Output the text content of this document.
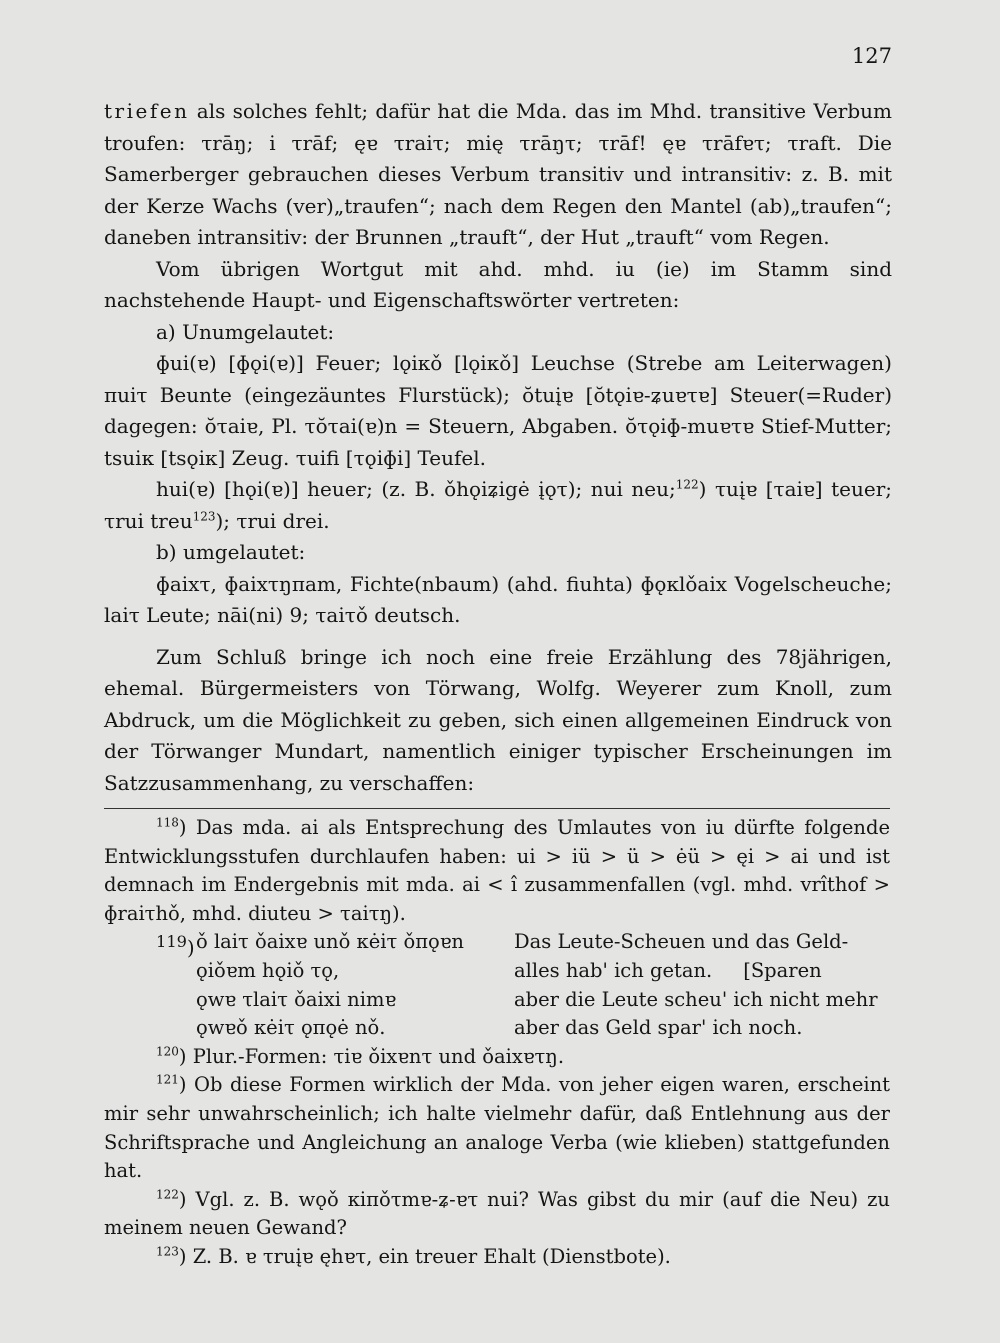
127

triefen als solches fehlt; dafür hat die Mda. das im Mhd. transitive Verbum troufen: τrāŋ; i τrāf; ęɐ τraiτ; mię τrāŋτ; τrāf! ęɐ τrāfɐτ; τraft. Die Samerberger gebrauchen dieses Verbum transitiv und intransitiv: z. B. mit der Kerze Wachs (ver)„traufen“; nach dem Regen den Mantel (ab)„traufen“; daneben intransitiv: der Brunnen „trauft“, der Hut „trauft“ vom Regen.

Vom übrigen Wortgut mit ahd. mhd. iu (ie) im Stamm sind nachstehende Haupt- und Eigenschaftswörter vertreten:

a) Unumgelautet:

ɸui(ɐ) [ɸǫi(ɐ)] Feuer; lǫiκǒ [lǫiκǒ] Leuchse (Strebe am Leiterwagen) πuiτ Beunte (eingezäuntes Flurstück); ŏtuįɐ [ŏtǫiɐ-ʑuɐτɐ] Steuer(=Ruder) dagegen: ŏτaiɐ, Pl. τŏτai(ɐ)n = Steuern, Abgaben. ŏτǫiɸ-muɐτɐ Stief-Mutter; tsuiκ [tsǫiκ] Zeug. τuifi [τǫiɸi] Teufel.

hui(ɐ) [hǫi(ɐ)] heuer; (z. B. ǒhǫiʑigė įǫτ); nui neu;$^{122}$) τuįɐ [τaiɐ] teuer; τrui treu$^{123}$); τrui drei.

b) umgelautet:

ɸaixτ, ɸaixτŋπam, Fichte(nbaum) (ahd. fiuhta) ɸǫκlǒaix Vogelscheuche; laiτ Leute; nāi(ni) 9; τaiτǒ deutsch.

Zum Schluß bringe ich noch eine freie Erzählung des 78jährigen, ehemal. Bürgermeisters von Törwang, Wolfg. Weyerer zum Knoll, zum Abdruck, um die Möglichkeit zu geben, sich einen allgemeinen Eindruck von der Törwanger Mundart, namentlich einiger typischer Erscheinungen im Satzzusammenhang, zu verschaffen:

$^{118}$) Das mda. ai als Entsprechung des Umlautes von iu dürfte folgende Entwicklungsstufen durchlaufen haben: ui > iü > ü > ėü > ęi > ai und ist demnach im Endergebnis mit mda. ai < î zusammenfallen (vgl. mhd. vrîthof > ɸraiτhǒ, mhd. diuteu > τaiτŋ).

$^{119}$) ǒ laiτ ǒaixɐ unǒ κėiτ ǒπǫɐn
ǫiǒɐm hǫiǒ τǫ,
ǫwɐ τlaiτ ǒaixi nimɐ
ǫwɐǒ κėiτ ǫπǫė nǒ.
Das Leute-Scheuen und das Geld-
alles hab' ich getan.     [Sparen
aber die Leute scheu' ich nicht mehr
aber das Geld spar' ich noch.

$^{120}$) Plur.-Formen: τiɐ ǒixɐnτ und ǒaixɐτŋ.

$^{121}$) Ob diese Formen wirklich der Mda. von jeher eigen waren, erscheint mir sehr unwahrscheinlich; ich halte vielmehr dafür, daß Entlehnung aus der Schriftsprache und Angleichung an analoge Verba (wie klieben) stattgefunden hat.

$^{122}$) Vgl. z. B. wǫǒ κiπǒτmɐ-ʑ-ɐτ nui? Was gibst du mir (auf die Neu) zu meinem neuen Gewand?

$^{123}$) Z. B. ɐ τruįɐ ęhɐτ, ein treuer Ehalt (Dienstbote).
